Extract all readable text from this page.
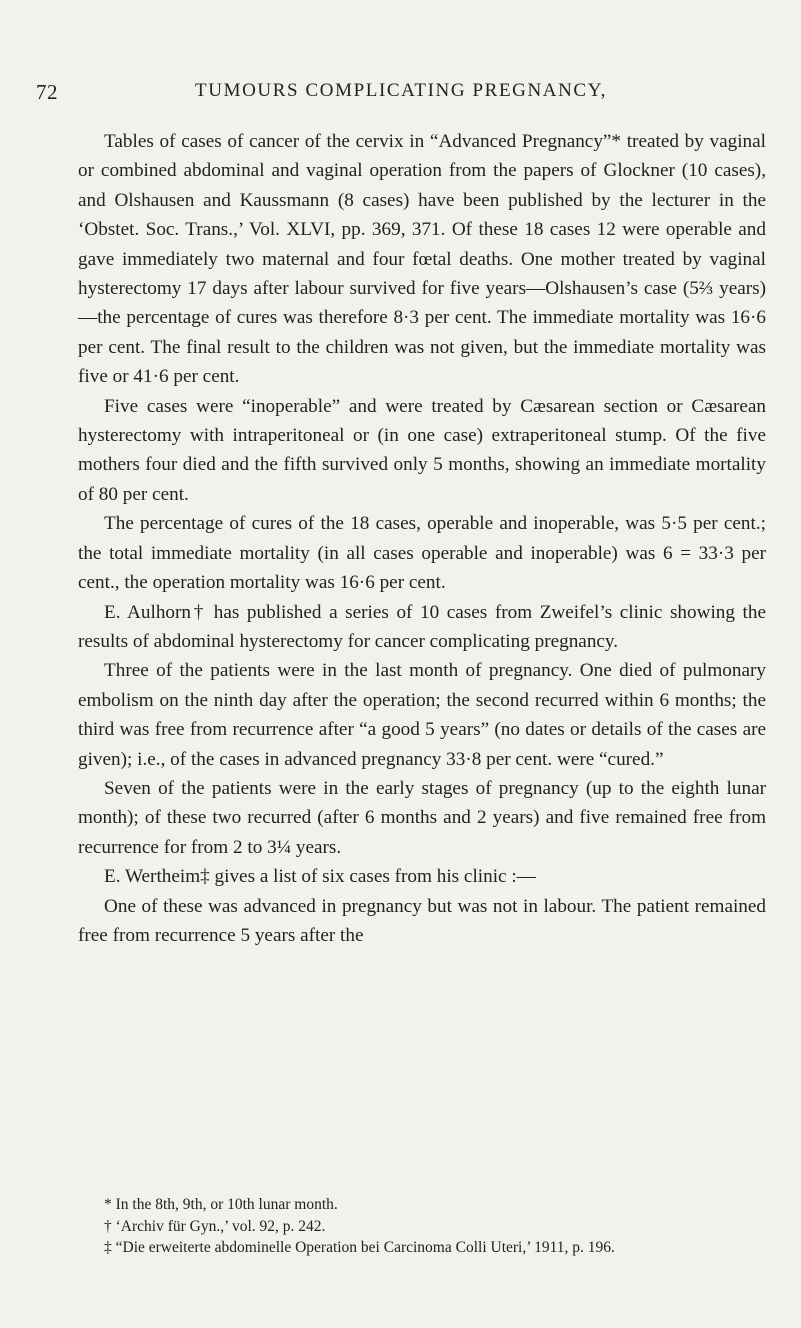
72	TUMOURS COMPLICATING PREGNANCY,

Tables of cases of cancer of the cervix in “Advanced Pregnancy”* treated by vaginal or combined abdominal and vaginal operation from the papers of Glockner (10 cases), and Olshausen and Kaussmann (8 cases) have been published by the lecturer in the ‘Obstet. Soc. Trans.,’ Vol. XLVI, pp. 369, 371. Of these 18 cases 12 were operable and gave immediately two maternal and four fœtal deaths. One mother treated by vaginal hysterectomy 17 days after labour survived for five years—Olshausen’s case (5⅔ years)—the percentage of cures was therefore 8·3 per cent. The immediate mortality was 16·6 per cent. The final result to the children was not given, but the immediate mortality was five or 41·6 per cent.

Five cases were “inoperable” and were treated by Cæsarean section or Cæsarean hysterectomy with intraperitoneal or (in one case) extraperitoneal stump. Of the five mothers four died and the fifth survived only 5 months, showing an immediate mortality of 80 per cent.

The percentage of cures of the 18 cases, operable and inoperable, was 5·5 per cent.; the total immediate mortality (in all cases operable and inoperable) was 6 = 33·3 per cent., the operation mortality was 16·6 per cent.

E. Aulhorn† has published a series of 10 cases from Zweifel’s clinic showing the results of abdominal hysterectomy for cancer complicating pregnancy.

Three of the patients were in the last month of pregnancy. One died of pulmonary embolism on the ninth day after the operation; the second recurred within 6 months; the third was free from recurrence after “a good 5 years” (no dates or details of the cases are given); i.e., of the cases in advanced pregnancy 33·8 per cent. were “cured.”

Seven of the patients were in the early stages of pregnancy (up to the eighth lunar month); of these two recurred (after 6 months and 2 years) and five remained free from recurrence for from 2 to 3¼ years.

E. Wertheim‡ gives a list of six cases from his clinic :—

One of these was advanced in pregnancy but was not in labour. The patient remained free from recurrence 5 years after the

* In the 8th, 9th, or 10th lunar month.

† ‘Archiv für Gyn.,’ vol. 92, p. 242.

‡ “Die erweiterte abdominelle Operation bei Carcinoma Colli Uteri,’ 1911, p. 196.
